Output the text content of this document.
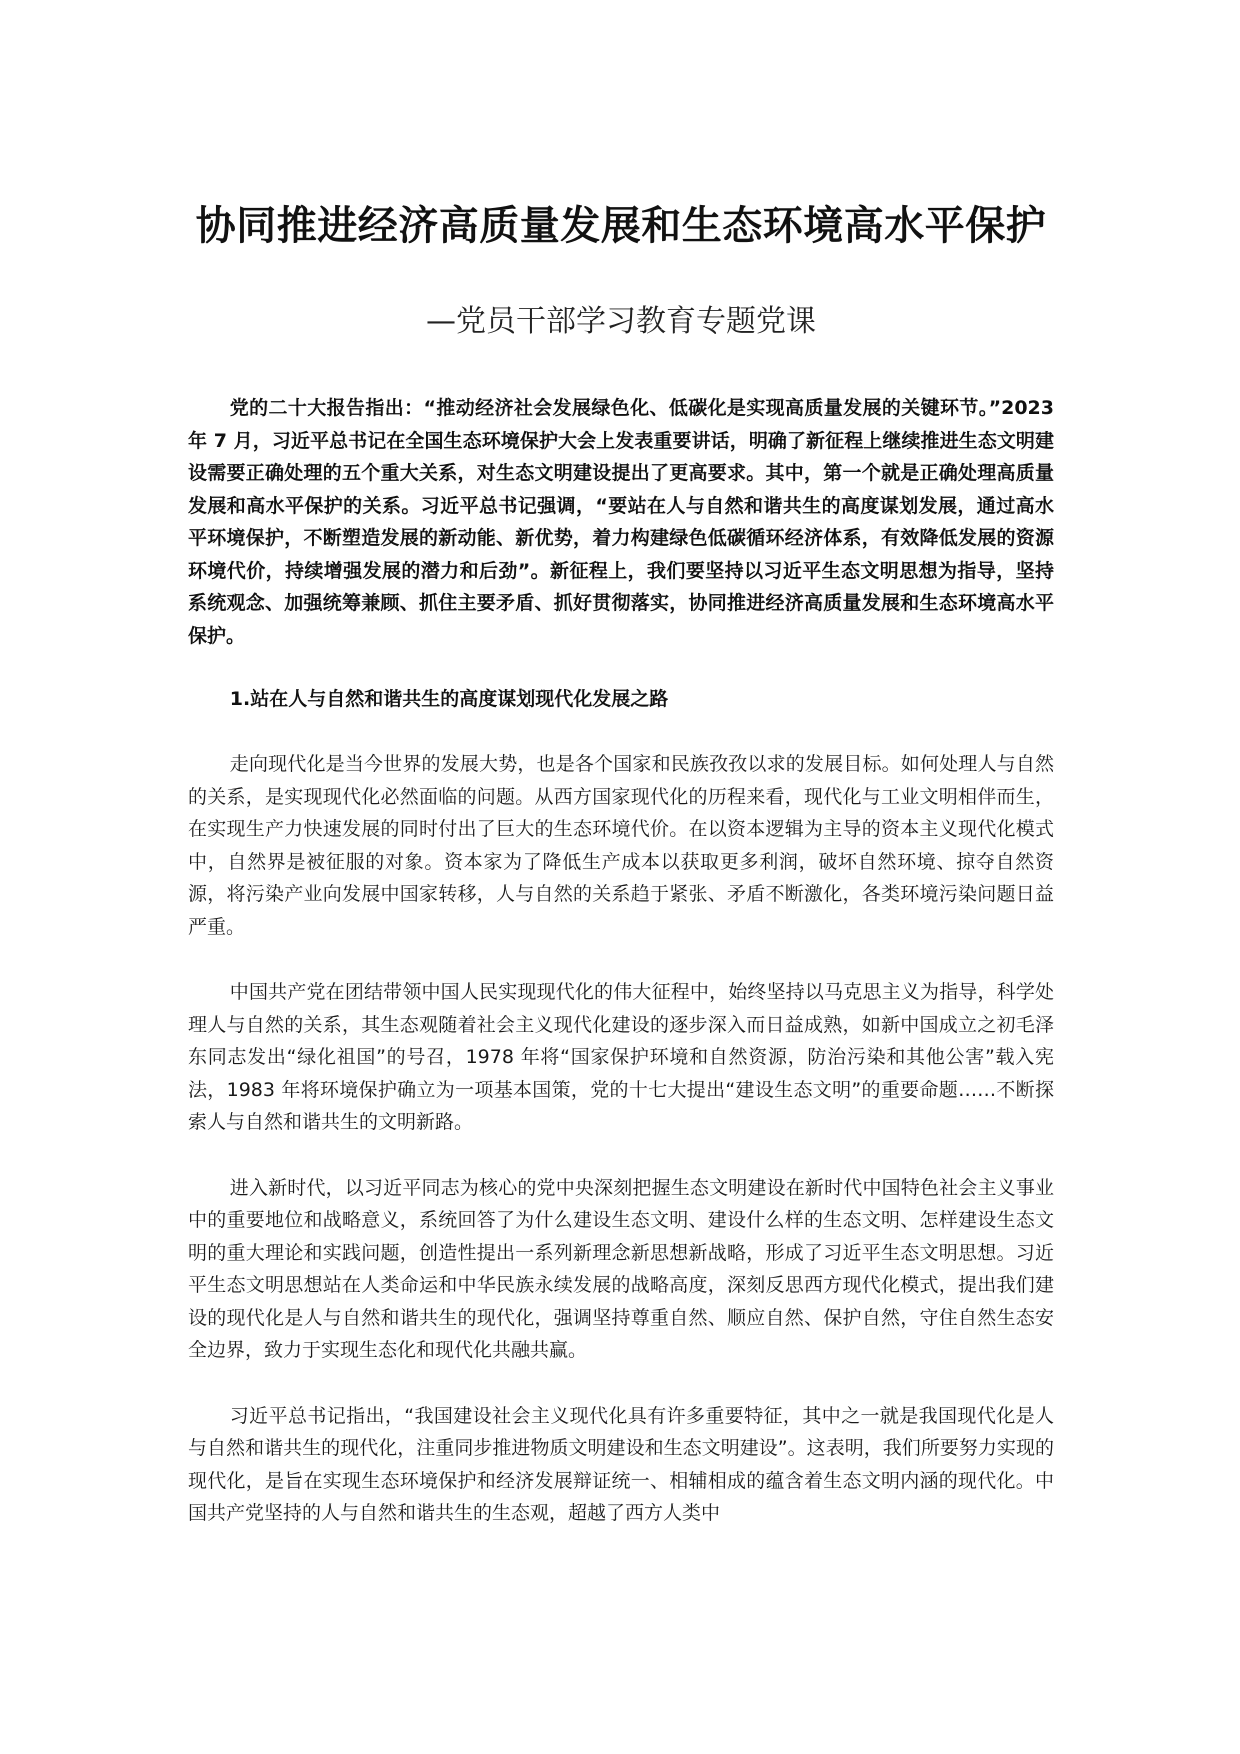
协同推进经济高质量发展和生态环境高水平保护
—党员干部学习教育专题党课

党的二十大报告指出：“推动经济社会发展绿色化、低碳化是实现高质量发展的关键环节。”2023 年 7 月，习近平总书记在全国生态环境保护大会上发表重要讲话，明确了新征程上继续推进生态文明建设需要正确处理的五个重大关系，对生态文明建设提出了更高要求。其中，第一个就是正确处理高质量发展和高水平保护的关系。习近平总书记强调，“要站在人与自然和谐共生的高度谋划发展，通过高水平环境保护，不断塑造发展的新动能、新优势，着力构建绿色低碳循环经济体系，有效降低发展的资源环境代价，持续增强发展的潜力和后劲”。新征程上，我们要坚持以习近平生态文明思想为指导，坚持系统观念、加强统筹兼顾、抓住主要矛盾、抓好贯彻落实，协同推进经济高质量发展和生态环境高水平保护。

1.站在人与自然和谐共生的高度谋划现代化发展之路

走向现代化是当今世界的发展大势，也是各个国家和民族孜孜以求的发展目标。如何处理人与自然的关系，是实现现代化必然面临的问题。从西方国家现代化的历程来看，现代化与工业文明相伴而生，在实现生产力快速发展的同时付出了巨大的生态环境代价。在以资本逻辑为主导的资本主义现代化模式中，自然界是被征服的对象。资本家为了降低生产成本以获取更多利润，破坏自然环境、掠夺自然资源，将污染产业向发展中国家转移，人与自然的关系趋于紧张、矛盾不断激化，各类环境污染问题日益严重。

中国共产党在团结带领中国人民实现现代化的伟大征程中，始终坚持以马克思主义为指导，科学处理人与自然的关系，其生态观随着社会主义现代化建设的逐步深入而日益成熟，如新中国成立之初毛泽东同志发出“绿化祖国”的号召，1978 年将“国家保护环境和自然资源，防治污染和其他公害”载入宪法，1983 年将环境保护确立为一项基本国策，党的十七大提出“建设生态文明”的重要命题……不断探索人与自然和谐共生的文明新路。

进入新时代，以习近平同志为核心的党中央深刻把握生态文明建设在新时代中国特色社会主义事业中的重要地位和战略意义，系统回答了为什么建设生态文明、建设什么样的生态文明、怎样建设生态文明的重大理论和实践问题，创造性提出一系列新理念新思想新战略，形成了习近平生态文明思想。习近平生态文明思想站在人类命运和中华民族永续发展的战略高度，深刻反思西方现代化模式，提出我们建设的现代化是人与自然和谐共生的现代化，强调坚持尊重自然、顺应自然、保护自然，守住自然生态安全边界，致力于实现生态化和现代化共融共赢。

习近平总书记指出，“我国建设社会主义现代化具有许多重要特征，其中之一就是我国现代化是人与自然和谐共生的现代化，注重同步推进物质文明建设和生态文明建设”。这表明，我们所要努力实现的现代化，是旨在实现生态环境保护和经济发展辩证统一、相辅相成的蕴含着生态文明内涵的现代化。中国共产党坚持的人与自然和谐共生的生态观，超越了西方人类中
